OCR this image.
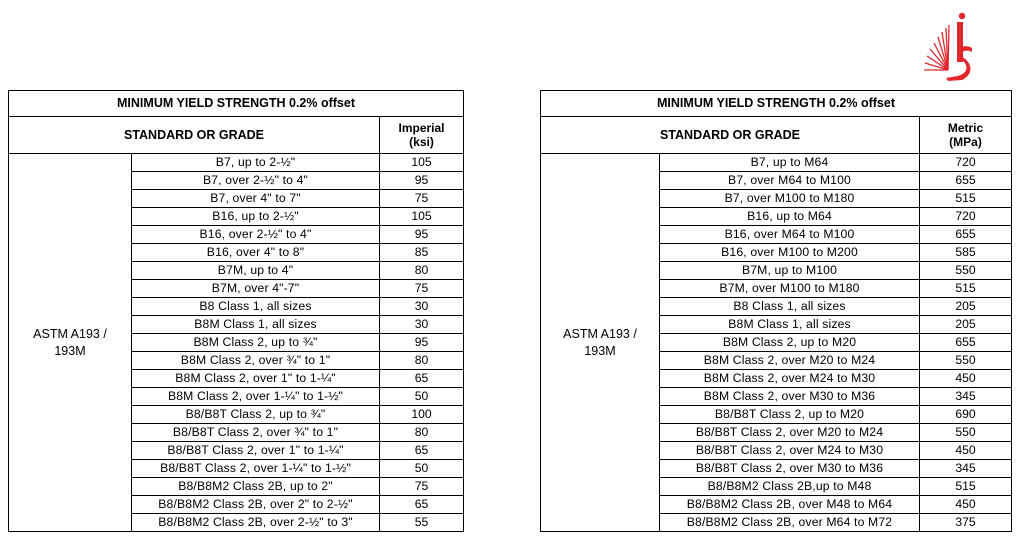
MINIMUM YIELD STRENGTH 0.2% offset		
STANDARD OR GRADE		Imperial
(ksi)
ASTM A193 /
193M	B7, up to 2-½"	105
	B7, over 2-½" to 4"	95
	B7, over 4" to 7"	75
	B16, up to 2-½"	105
	B16, over 2-½" to 4"	95
	B16, over 4" to 8"	85
	B7M, up to 4"	80
	B7M, over 4"-7"	75
	B8 Class 1, all sizes	30
	B8M Class 1, all sizes	30
	B8M Class 2, up to ¾"	95
	B8M Class 2, over ¾" to 1"	80
	B8M Class 2, over 1" to 1-¼"	65
	B8M Class 2, over 1-¼" to 1-½"	50
	B8/B8T Class 2, up to ¾"	100
	B8/B8T Class 2, over ¾" to 1"	80
	B8/B8T Class 2, over 1" to 1-¼"	65
	B8/B8T Class 2, over 1-¼" to 1-½"	50
	B8/B8M2 Class 2B, up to 2"	75
	B8/B8M2 Class 2B, over 2" to 2-½"	65
	B8/B8M2 Class 2B, over 2-½" to 3"	55
MINIMUM YIELD STRENGTH 0.2% offset		
STANDARD OR GRADE		Metric
(MPa)
ASTM A193 /
193M	B7, up to M64	720
	B7, over M64 to M100	655
	B7, over M100 to M180	515
	B16, up to M64	720
	B16, over M64 to M100	655
	B16, over M100 to M200	585
	B7M, up to M100	550
	B7M, over M100 to M180	515
	B8 Class 1, all sizes	205
	B8M Class 1, all sizes	205
	B8M Class 2, up to M20	655
	B8M Class 2, over M20 to M24	550
	B8M Class 2, over M24 to M30	450
	B8M Class 2, over M30 to M36	345
	B8/B8T Class 2, up to M20	690
	B8/B8T Class 2, over M20 to M24	550
	B8/B8T Class 2, over M24 to M30	450
	B8/B8T Class 2, over M30 to M36	345
	B8/B8M2 Class 2B,up to M48	515
	B8/B8M2 Class 2B, over M48 to M64	450
	B8/B8M2 Class 2B, over M64 to M72	375
